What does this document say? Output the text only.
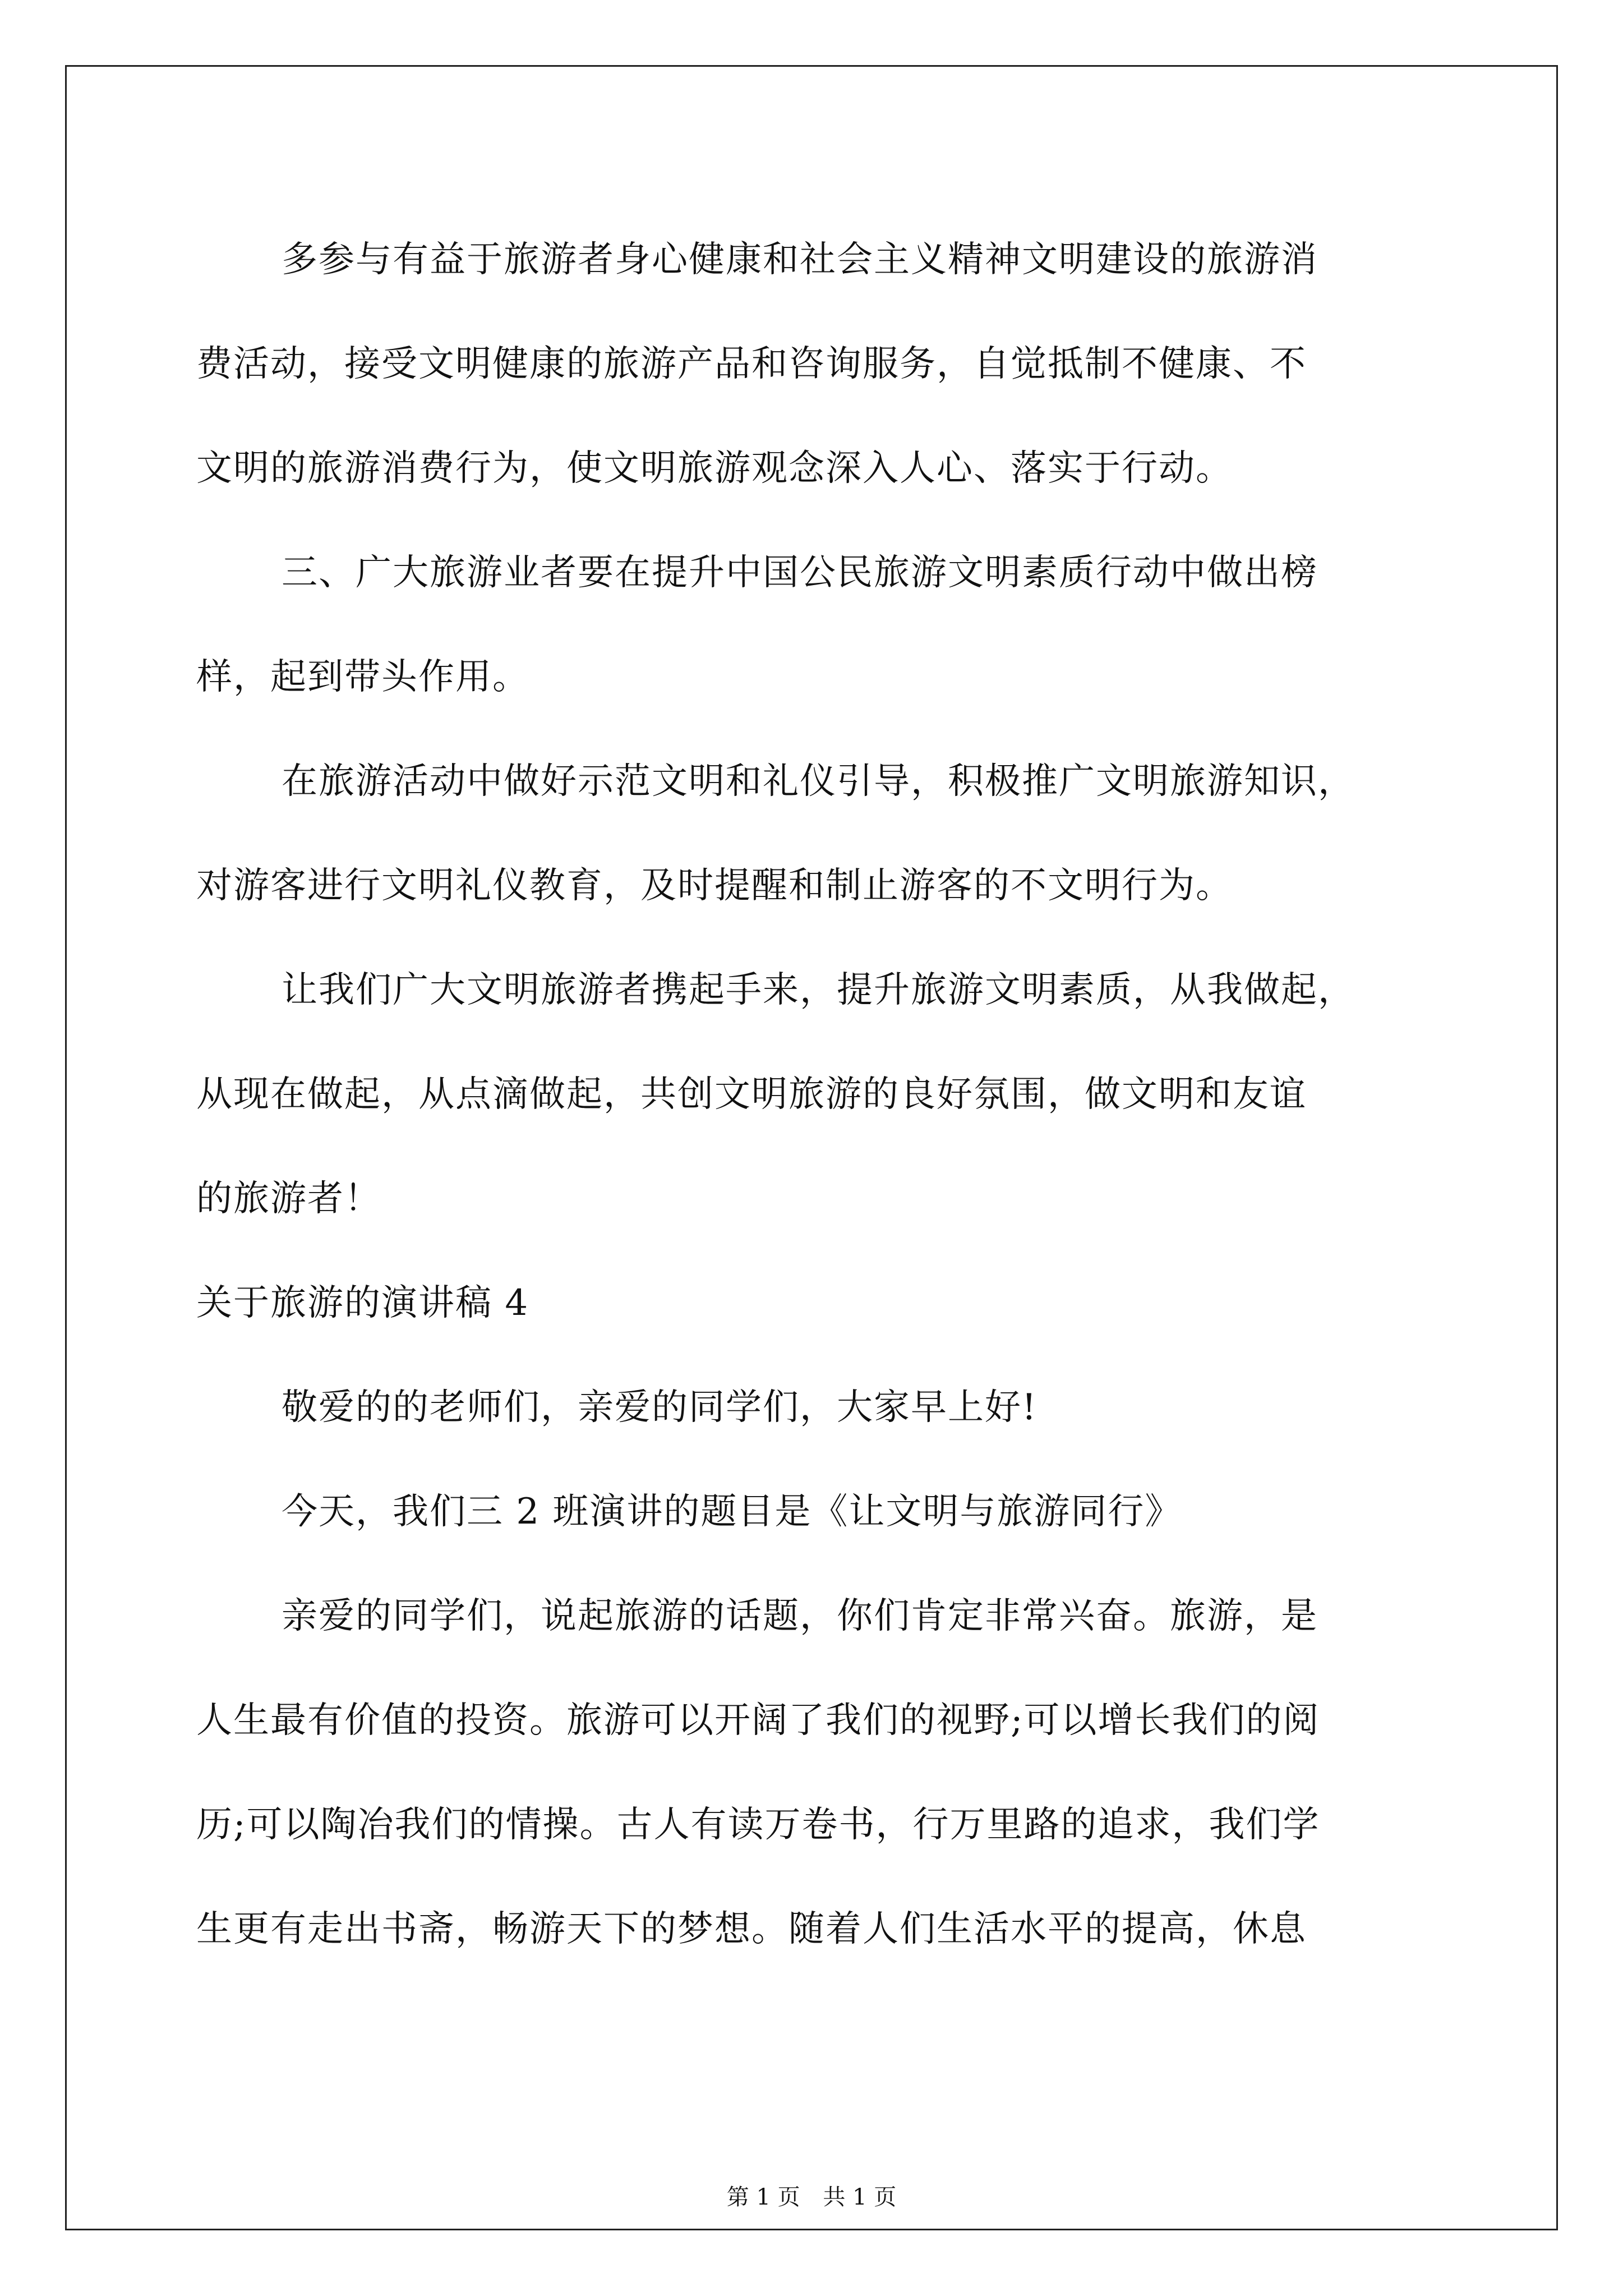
多参与有益于旅游者身心健康和社会主义精神文明建设的旅游消
费活动，接受文明健康的旅游产品和咨询服务，自觉抵制不健康、不
文明的旅游消费行为，使文明旅游观念深入人心、落实于行动。
三、广大旅游业者要在提升中国公民旅游文明素质行动中做出榜
样，起到带头作用。
在旅游活动中做好示范文明和礼仪引导，积极推广文明旅游知识，
对游客进行文明礼仪教育，及时提醒和制止游客的不文明行为。
让我们广大文明旅游者携起手来，提升旅游文明素质，从我做起，
从现在做起，从点滴做起，共创文明旅游的良好氛围，做文明和友谊
的旅游者！
关于旅游的演讲稿 4
敬爱的的老师们，亲爱的同学们，大家早上好!
今天，我们三 2 班演讲的题目是《让文明与旅游同行》
亲爱的同学们，说起旅游的话题，你们肯定非常兴奋。旅游，是
人生最有价值的投资。旅游可以开阔了我们的视野;可以增长我们的阅
历;可以陶冶我们的情操。古人有读万卷书，行万里路的追求，我们学
生更有走出书斋，畅游天下的梦想。随着人们生活水平的提高，休息
第 1 页 共 1 页
